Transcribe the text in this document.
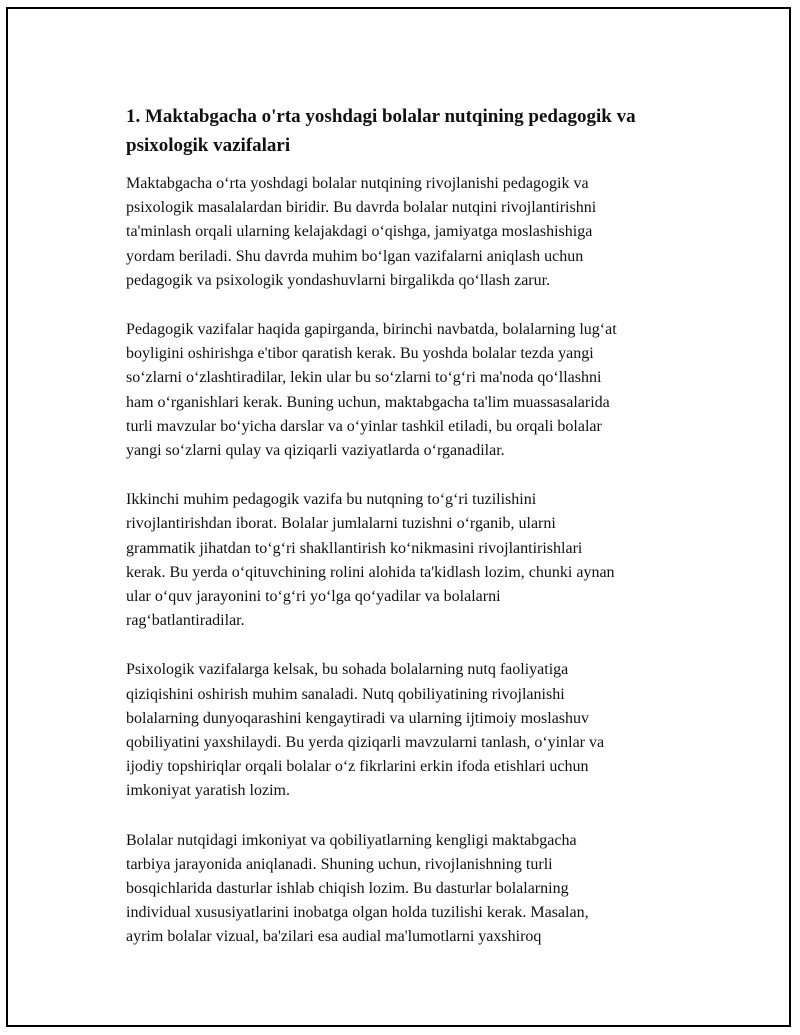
1. Maktabgacha o'rta yoshdagi bolalar nutqining pedagogik va
psixologik vazifalari

Maktabgacha o‘rta yoshdagi bolalar nutqining rivojlanishi pedagogik va
psixologik masalalardan biridir. Bu davrda bolalar nutqini rivojlantirishni
ta'minlash orqali ularning kelajakdagi o‘qishga, jamiyatga moslashishiga
yordam beriladi. Shu davrda muhim bo‘lgan vazifalarni aniqlash uchun
pedagogik va psixologik yondashuvlarni birgalikda qo‘llash zarur.

Pedagogik vazifalar haqida gapirganda, birinchi navbatda, bolalarning lug‘at
boyligini oshirishga e'tibor qaratish kerak. Bu yoshda bolalar tezda yangi
so‘zlarni o‘zlashtiradilar, lekin ular bu so‘zlarni to‘g‘ri ma'noda qo‘llashni
ham o‘rganishlari kerak. Buning uchun, maktabgacha ta'lim muassasalarida
turli mavzular bo‘yicha darslar va o‘yinlar tashkil etiladi, bu orqali bolalar
yangi so‘zlarni qulay va qiziqarli vaziyatlarda o‘rganadilar.

Ikkinchi muhim pedagogik vazifa bu nutqning to‘g‘ri tuzilishini
rivojlantirishdan iborat. Bolalar jumlalarni tuzishni o‘rganib, ularni
grammatik jihatdan to‘g‘ri shakllantirish ko‘nikmasini rivojlantirishlari
kerak. Bu yerda o‘qituvchining rolini alohida ta'kidlash lozim, chunki aynan
ular o‘quv jarayonini to‘g‘ri yo‘lga qo‘yadilar va bolalarni
rag‘batlantiradilar.

Psixologik vazifalarga kelsak, bu sohada bolalarning nutq faoliyatiga
qiziqishini oshirish muhim sanaladi. Nutq qobiliyatining rivojlanishi
bolalarning dunyoqarashini kengaytiradi va ularning ijtimoiy moslashuv
qobiliyatini yaxshilaydi. Bu yerda qiziqarli mavzularni tanlash, o‘yinlar va
ijodiy topshiriqlar orqali bolalar o‘z fikrlarini erkin ifoda etishlari uchun
imkoniyat yaratish lozim.

Bolalar nutqidagi imkoniyat va qobiliyatlarning kengligi maktabgacha
tarbiya jarayonida aniqlanadi. Shuning uchun, rivojlanishning turli
bosqichlarida dasturlar ishlab chiqish lozim. Bu dasturlar bolalarning
individual xususiyatlarini inobatga olgan holda tuzilishi kerak. Masalan,
ayrim bolalar vizual, ba'zilari esa audial ma'lumotlarni yaxshiroq
